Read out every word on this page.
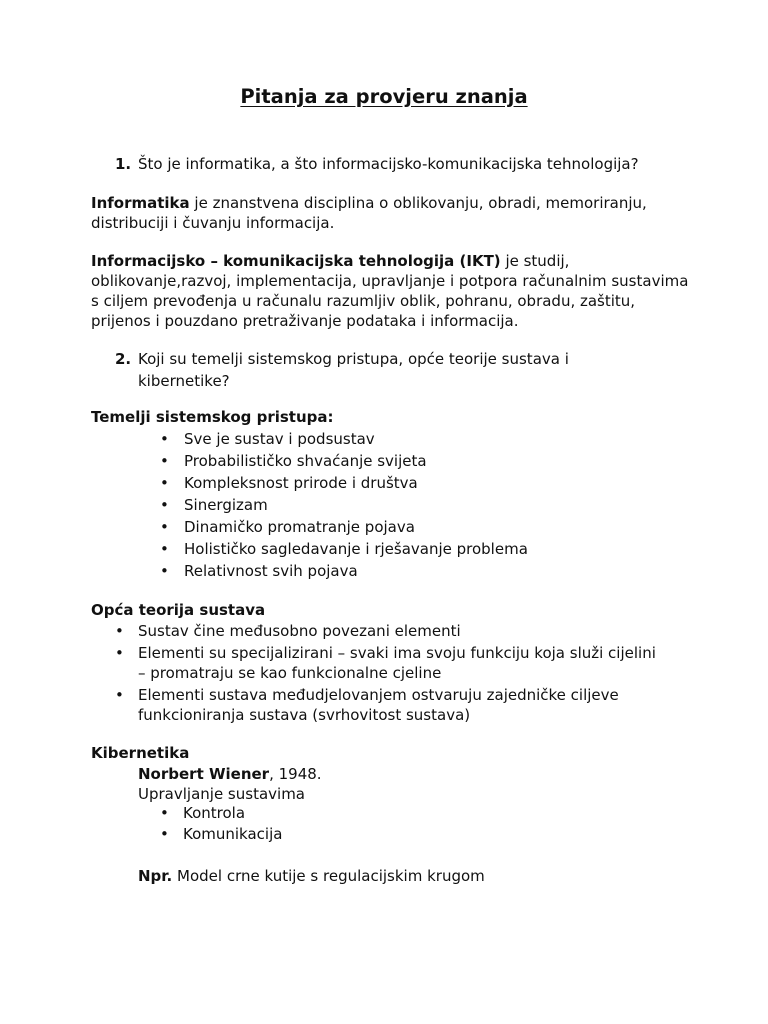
Pitanja za provjeru znanja
1. Što je informatika, a što informacijsko-komunikacijska tehnologija?

Informatika je znanstvena disciplina o oblikovanju, obradi, memoriranju, distribuciji i čuvanju informacija.

Informacijsko – komunikacijska tehnologija (IKT) je studij, oblikovanje,razvoj, implementacija, upravljanje i potpora računalnim sustavima s ciljem prevođenja u računalu razumljiv oblik, pohranu, obradu, zaštitu, prijenos i pouzdano pretraživanje podataka i informacija.

2. Koji su temelji sistemskog pristupa, opće teorije sustava i
kibernetike?
Temelji sistemskog pristupa:
• Sve je sustav i podsustav
• Probabilističko shvaćanje svijeta
• Kompleksnost prirode i društva
• Sinergizam
• Dinamičko promatranje pojava
• Holističko sagledavanje i rješavanje problema
• Relativnost svih pojava
Opća teorija sustava
• Sustav čine međusobno povezani elementi
• Elementi su specijalizirani – svaki ima svoju funkciju koja služi cijelini
– promatraju se kao funkcionalne cjeline
• Elementi sustava međudjelovanjem ostvaruju zajedničke ciljeve
funkcioniranja sustava (svrhovitost sustava)
Kibernetika
Norbert Wiener, 1948.
Upravljanje sustavima
• Kontrola
• Komunikacija
Npr. Model crne kutije s regulacijskim krugom
